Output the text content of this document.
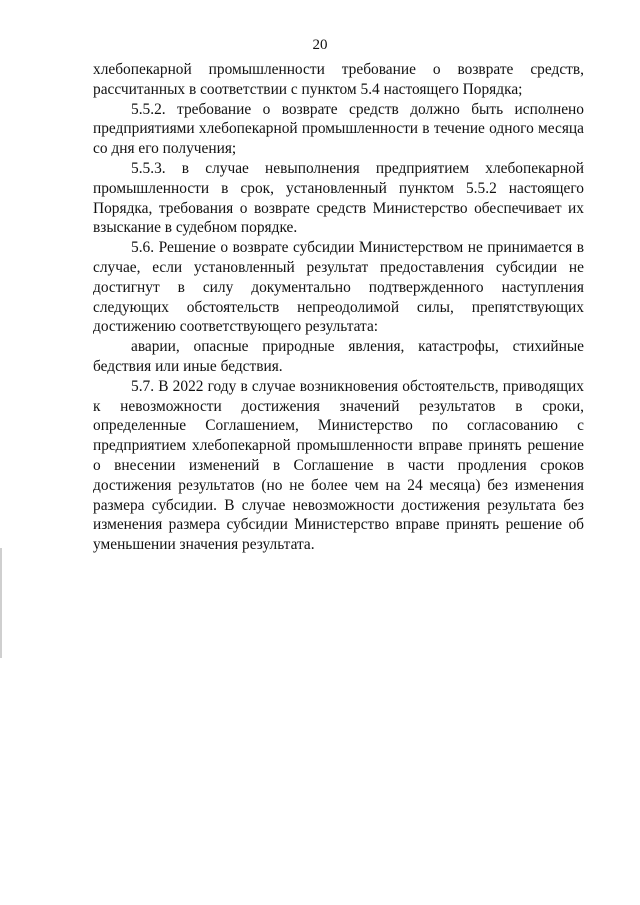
20

хлебопекарной промышленности требование о возврате средств, рассчитанных в соответствии с пунктом 5.4 настоящего Порядка;

5.5.2. требование о возврате средств должно быть исполнено предприятиями хлебопекарной промышленности в течение одного месяца со дня его получения;

5.5.3. в случае невыполнения предприятием хлебопекарной промышленности в срок, установленный пунктом 5.5.2 настоящего Порядка, требования о возврате средств Министерство обеспечивает их взыскание в судебном порядке.

5.6. Решение о возврате субсидии Министерством не принимается в случае, если установленный результат предоставления субсидии не достигнут в силу документально подтвержденного наступления следующих обстоятельств непреодолимой силы, препятствующих достижению соответствующего результата:

аварии, опасные природные явления, катастрофы, стихийные бедствия или иные бедствия.

5.7. В 2022 году в случае возникновения обстоятельств, приводящих к невозможности достижения значений результатов в сроки, определенные Соглашением, Министерство по согласованию с предприятием хлебопекарной промышленности вправе принять решение о внесении изменений в Соглашение в части продления сроков достижения результатов (но не более чем на 24 месяца) без изменения размера субсидии. В случае невозможности достижения результата без изменения размера субсидии Министерство вправе принять решение об уменьшении значения результата.
